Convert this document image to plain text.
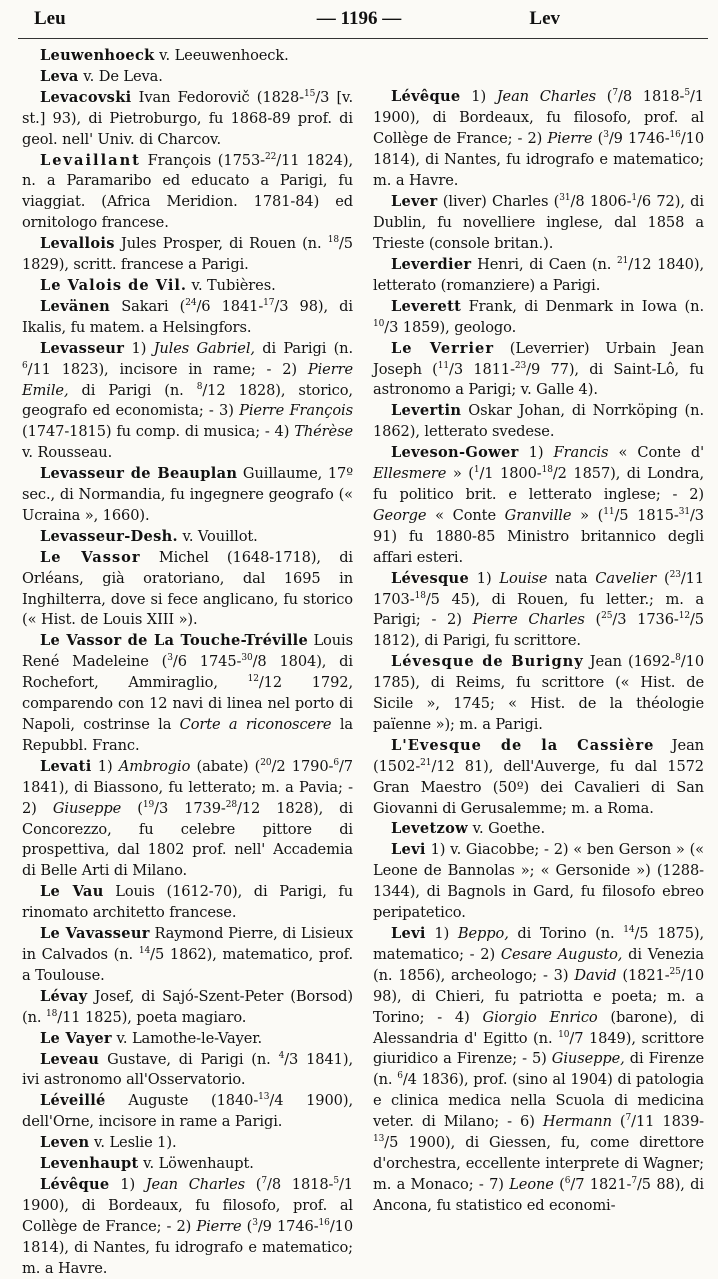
Leu	— 1196 —	Lev

Leuwenhoeck v. Leeuwenhoeck.

Leva v. De Leva.

Levacovski Ivan Fedorovič (1828-$^{15}$/3 [v. st.] 93), di Pietroburgo, fu 1868-89 prof. di geol. nell' Univ. di Charcov.

Levaillant François (1753-$^{22}$/11 1824), n. a Paramaribo ed educato a Parigi, fu viaggiat. (Africa Meridion. 1781-84) ed ornitologo francese.

Levallois Jules Prosper, di Rouen (n. $^{18}$/5 1829), scritt. francese a Parigi.

Le Valois de Vil. v. Tubières.

Levänen Sakari ($^{24}$/6 1841-$^{17}$/3 98), di Ikalis, fu matem. a Helsingfors.

Levasseur 1) Jules Gabriel, di Parigi (n. $^6$/11 1823), incisore in rame; - 2) Pierre Emile, di Parigi (n. $^8$/12 1828), storico, geografo ed economista; - 3) Pierre François (1747-1815) fu comp. di musica; - 4) Thérèse v. Rousseau.

Levasseur de Beauplan Guillaume, 17º sec., di Normandia, fu ingegnere geografo (« Ucraina », 1660).

Levasseur-Desh. v. Vouillot.

Le Vassor Michel (1648-1718), di Orléans, già oratoriano, dal 1695 in Inghilterra, dove si fece anglicano, fu storico (« Hist. de Louis XIII »).

Le Vassor de La Touche-Tréville Louis René Madeleine ($^3$/6 1745-$^{30}$/8 1804), di Rochefort, Ammiraglio, $^{12}$/12 1792, comparendo con 12 navi di linea nel porto di Napoli, costrinse la Corte a riconoscere la Repubbl. Franc.

Levati 1) Ambrogio (abate) ($^{20}$/2 1790-$^6$/7 1841), di Biassono, fu letterato; m. a Pavia; - 2) Giuseppe ($^{19}$/3 1739-$^{28}$/12 1828), di Concorezzo, fu celebre pittore di prospettiva, dal 1802 prof. nell' Accademia di Belle Arti di Milano.

Le Vau Louis (1612-70), di Parigi, fu rinomato architetto francese.

Le Vavasseur Raymond Pierre, di Lisieux in Calvados (n. $^{14}$/5 1862), matematico, prof. a Toulouse.

Lévay Josef, di Sajó-Szent-Peter (Borsod) (n. $^{18}$/11 1825), poeta magiaro.

Le Vayer v. Lamothe-le-Vayer.

Leveau Gustave, di Parigi (n. $^4$/3 1841), ivi astronomo all'Osservatorio.

Léveillé Auguste (1840-$^{13}$/4 1900), dell'Orne, incisore in rame a Parigi.

Leven v. Leslie 1).

Levenhaupt v. Löwenhaupt.

Lévêque 1) Jean Charles ($^7$/8 1818-$^5$/1 1900), di Bordeaux, fu filosofo, prof. al Collège de France; - 2) Pierre ($^3$/9 1746-$^{16}$/10 1814), di Nantes, fu idrografo e matematico; m. a Havre.

Lévêque 1) Jean Charles ($^7$/8 1818-$^5$/1 1900), di Bordeaux, fu filosofo, prof. al Collège de France; - 2) Pierre ($^3$/9 1746-$^{16}$/10 1814), di Nantes, fu idrografo e matematico; m. a Havre.

Lever (liver) Charles ($^{31}$/8 1806-$^1$/6 72), di Dublin, fu novelliere inglese, dal 1858 a Trieste (console britan.).

Leverdier Henri, di Caen (n. $^{21}$/12 1840), letterato (romanziere) a Parigi.

Leverett Frank, di Denmark in Iowa (n. $^{10}$/3 1859), geologo.

Le Verrier (Leverrier) Urbain Jean Joseph ($^{11}$/3 1811-$^{23}$/9 77), di Saint-Lô, fu astronomo a Parigi; v. Galle 4).

Levertin Oskar Johan, di Norrköping (n. 1862), letterato svedese.

Leveson-Gower 1) Francis « Conte d' Ellesmere » ($^1$/1 1800-$^{18}$/2 1857), di Londra, fu politico brit. e letterato inglese; - 2) George « Conte Granville » ($^{11}$/5 1815-$^{31}$/3 91) fu 1880-85 Ministro britannico degli affari esteri.

Lévesque 1) Louise nata Cavelier ($^{23}$/11 1703-$^{18}$/5 45), di Rouen, fu letter.; m. a Parigi; - 2) Pierre Charles ($^{25}$/3 1736-$^{12}$/5 1812), di Parigi, fu scrittore.

Lévesque de Burigny Jean (1692-$^8$/10 1785), di Reims, fu scrittore (« Hist. de Sicile », 1745; « Hist. de la théologie païenne »); m. a Parigi.

L'Evesque de la Cassière Jean (1502-$^{21}$/12 81), dell'Auverge, fu dal 1572 Gran Maestro (50º) dei Cavalieri di San Giovanni di Gerusalemme; m. a Roma.

Levetzow v. Goethe.

Levi 1) v. Giacobbe; - 2) « ben Gerson » (« Leone de Bannolas »; « Gersonide ») (1288-1344), di Bagnols in Gard, fu filosofo ebreo peripatetico.

Levi 1) Beppo, di Torino (n. $^{14}$/5 1875), matematico; - 2) Cesare Augusto, di Venezia (n. 1856), archeologo; - 3) David (1821-$^{25}$/10 98), di Chieri, fu patriotta e poeta; m. a Torino; - 4) Giorgio Enrico (barone), di Alessandria d' Egitto (n. $^{10}$/7 1849), scrittore giuridico a Firenze; - 5) Giuseppe, di Firenze (n. $^6$/4 1836), prof. (sino al 1904) di patologia e clinica medica nella Scuola di medicina veter. di Milano; - 6) Hermann ($^7$/11 1839-$^{13}$/5 1900), di Giessen, fu, come direttore d'orchestra, eccellente interprete di Wagner; m. a Monaco; - 7) Leone ($^6$/7 1821-$^7$/5 88), di Ancona, fu statistico ed economi-
